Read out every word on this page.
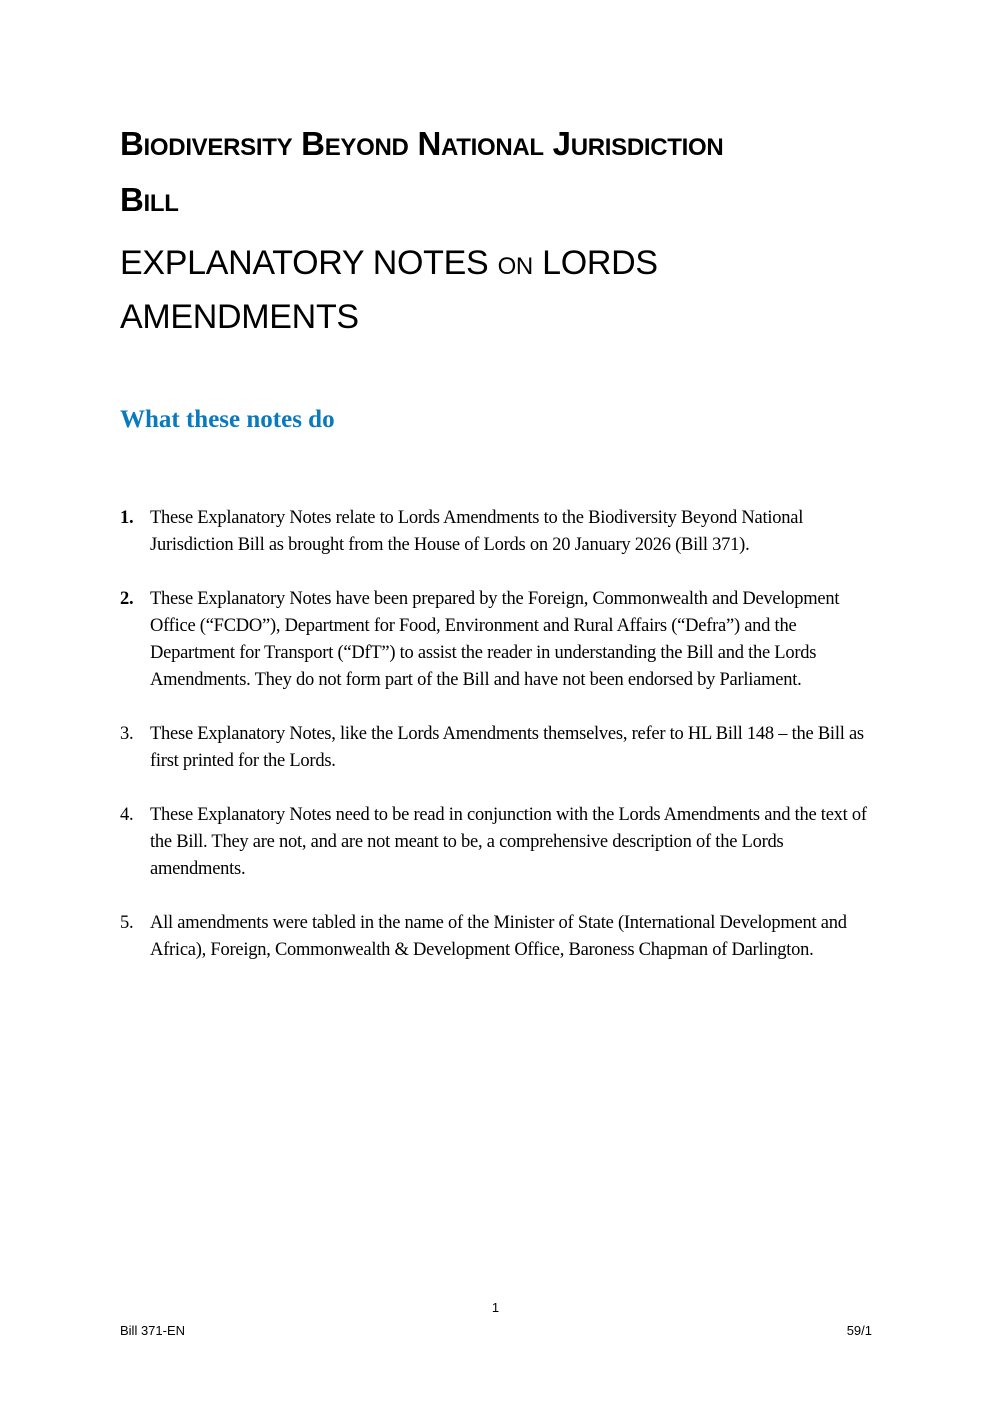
BIODIVERSITY BEYOND NATIONAL JURISDICTION
BILL
EXPLANATORY NOTES ON LORDS AMENDMENTS
What these notes do
1. These Explanatory Notes relate to Lords Amendments to the Biodiversity Beyond National Jurisdiction Bill as brought from the House of Lords on 20 January 2026 (Bill 371).
2. These Explanatory Notes have been prepared by the Foreign, Commonwealth and Development Office (“FCDO”), Department for Food, Environment and Rural Affairs (“Defra”) and the Department for Transport (“DfT”) to assist the reader in understanding the Bill and the Lords Amendments. They do not form part of the Bill and have not been endorsed by Parliament.
3. These Explanatory Notes, like the Lords Amendments themselves, refer to HL Bill 148 – the Bill as first printed for the Lords.
4. These Explanatory Notes need to be read in conjunction with the Lords Amendments and the text of the Bill. They are not, and are not meant to be, a comprehensive description of the Lords amendments.
5. All amendments were tabled in the name of the Minister of State (International Development and Africa), Foreign, Commonwealth & Development Office, Baroness Chapman of Darlington.
1
Bill 371-EN	59/1
